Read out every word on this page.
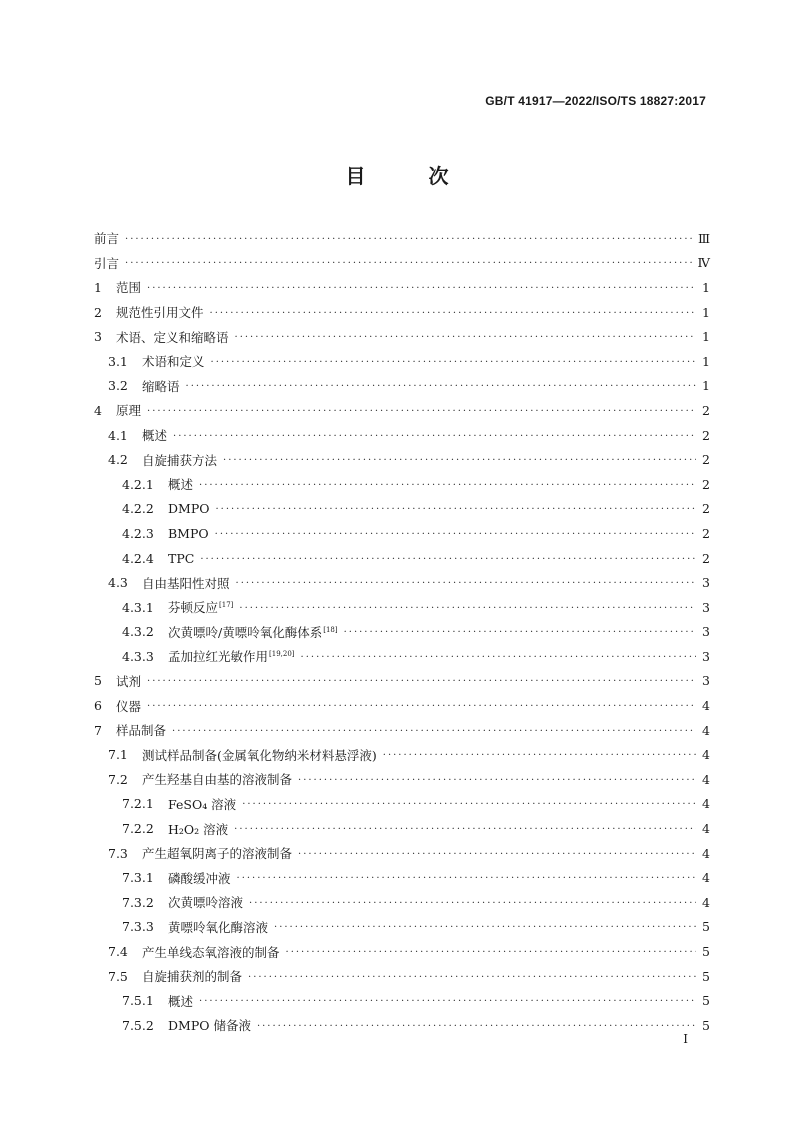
GB/T 41917—2022/ISO/TS 18827:2017
目 次
前言 ·····	Ⅲ
引言 ·····	Ⅳ
1	范围 ·····	1
2	规范性引用文件 ·····	1
3	术语、定义和缩略语 ·····	1
3.1	术语和定义 ·····	1
3.2	缩略语 ·····	1
4	原理 ·····	2
4.1	概述 ·····	2
4.2	自旋捕获方法 ·····	2
4.2.1	概述 ·····	2
4.2.2	DMPO ·····	2
4.2.3	BMPO ·····	2
4.2.4	TPC ·····	2
4.3	自由基阳性对照 ·····	3
4.3.1	芬顿反应[17] ·····	3
4.3.2	次黄嘌呤/黄嘌呤氧化酶体系[18] ·····	3
4.3.3	孟加拉红光敏作用[19,20] ·····	3
5	试剂 ·····	3
6	仪器 ·····	4
7	样品制备 ·····	4
7.1	测试样品制备(金属氧化物纳米材料悬浮液) ·····	4
7.2	产生羟基自由基的溶液制备 ·····	4
7.2.1	FeSO₄ 溶液 ·····	4
7.2.2	H₂O₂ 溶液 ·····	4
7.3	产生超氧阴离子的溶液制备 ·····	4
7.3.1	磷酸缓冲液 ·····	4
7.3.2	次黄嘌呤溶液 ·····	4
7.3.3	黄嘌呤氧化酶溶液 ·····	5
7.4	产生单线态氧溶液的制备 ·····	5
7.5	自旋捕获剂的制备 ·····	5
7.5.1	概述 ·····	5
7.5.2	DMPO 储备液 ·····	5
I
